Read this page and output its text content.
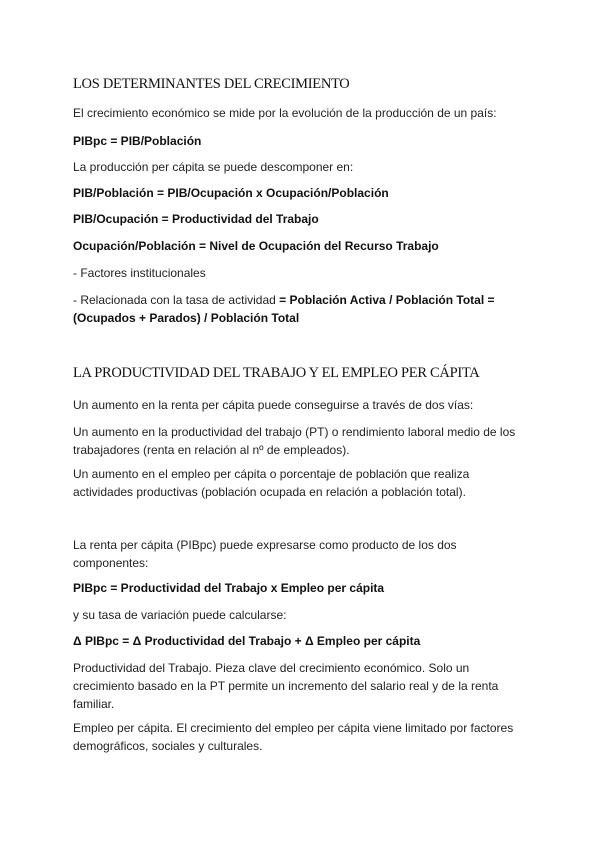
LOS DETERMINANTES DEL CRECIMIENTO
El crecimiento económico se mide por la evolución de la producción de un país:
PIBpc = PIB/Población
La producción per cápita se puede descomponer en:
PIB/Población = PIB/Ocupación x Ocupación/Población
PIB/Ocupación = Productividad del Trabajo
Ocupación/Población = Nivel de Ocupación del Recurso Trabajo
- Factores institucionales
- Relacionada con la tasa de actividad = Población Activa / Población Total = (Ocupados + Parados) / Población Total
LA PRODUCTIVIDAD DEL TRABAJO Y EL EMPLEO PER CÁPITA
Un aumento en la renta per cápita puede conseguirse a través de dos vías:
Un aumento en la productividad del trabajo (PT) o rendimiento laboral medio de los trabajadores (renta en relación al nº de empleados).
Un aumento en el empleo per cápita o porcentaje de población que realiza actividades productivas (población ocupada en relación a población total).
La renta per cápita (PIBpc) puede expresarse como producto de los dos componentes:
PIBpc = Productividad del Trabajo x Empleo per cápita
y su tasa de variación puede calcularse:
Δ PIBpc = Δ Productividad del Trabajo + Δ Empleo per cápita
Productividad del Trabajo. Pieza clave del crecimiento económico. Solo un crecimiento basado en la PT permite un incremento del salario real y de la renta familiar.
Empleo per cápita. El crecimiento del empleo per cápita viene limitado por factores demográficos, sociales y culturales.
